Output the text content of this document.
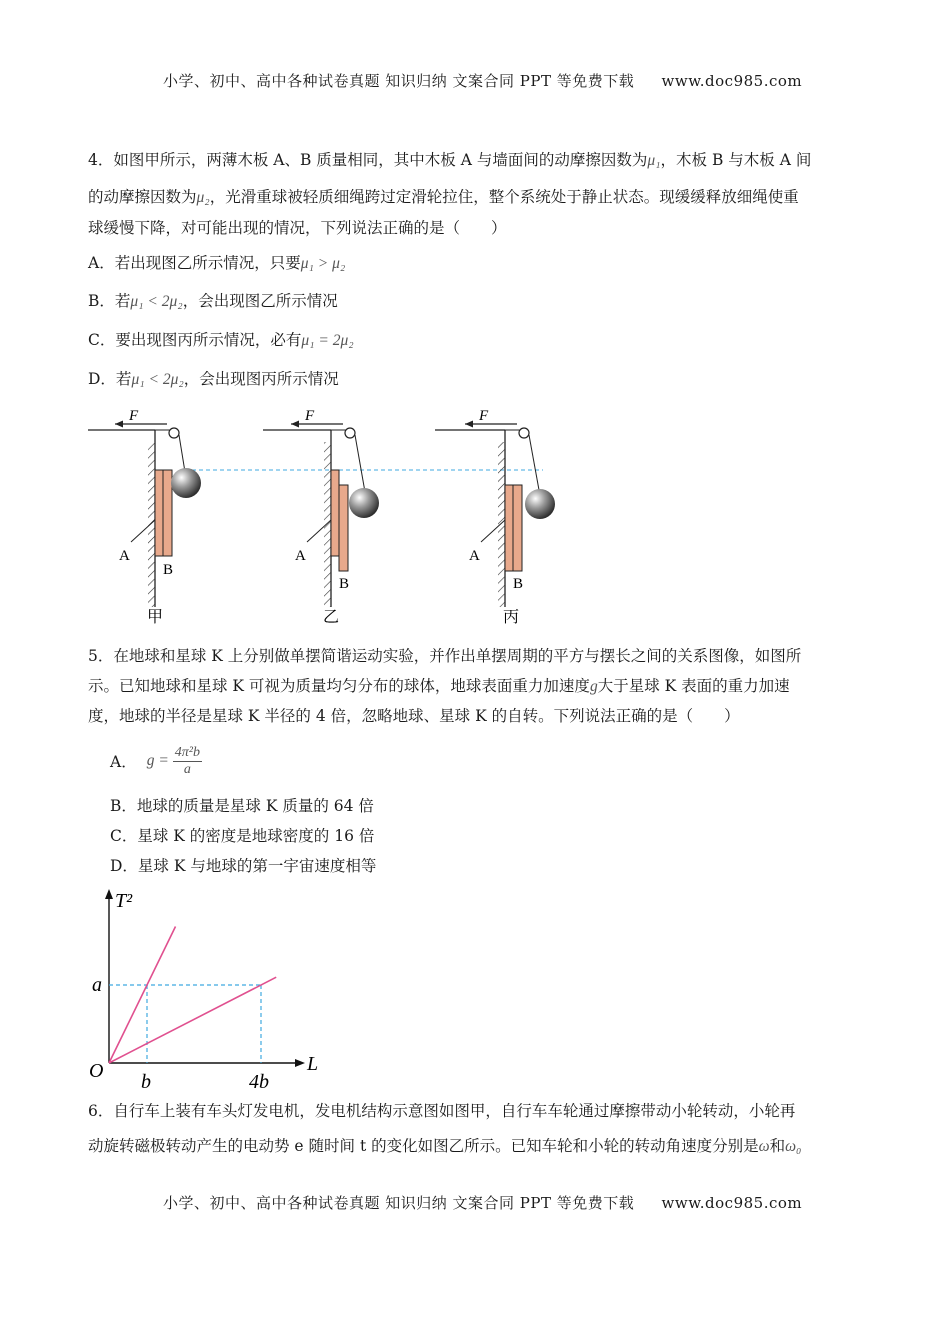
小学、初中、高中各种试卷真题 知识归纳 文案合同 PPT 等免费下载 www.doc985.com
4．如图甲所示，两薄木板 A、B 质量相同，其中木板 A 与墙面间的动摩擦因数为μ₁，木板 B 与木板 A 间
的动摩擦因数为μ₂，光滑重球被轻质细绳跨过定滑轮拉住，整个系统处于静止状态。现缓缓释放细绳使重
球缓慢下降，对可能出现的情况，下列说法正确的是（　　）
A．若出现图乙所示情况，只要μ₁ > μ₂
B．若μ₁ < 2μ₂，会出现图乙所示情况
C．要出现图丙所示情况，必有μ₁ = 2μ₂
D．若μ₁ < 2μ₂，会出现图丙所示情况
F
A
B
甲
F
A
B
乙
F
A
B
丙
5．在地球和星球 K 上分别做单摆简谐运动实验，并作出单摆周期的平方与摆长之间的关系图像，如图所
示。已知地球和星球 K 可视为质量均匀分布的球体，地球表面重力加速度g大于星球 K 表面的重力加速
度，地球的半径是星球 K 半径的 4 倍，忽略地球、星球 K 的自转。下列说法正确的是（　　）
A． g = 4π²b
a
B．地球的质量是星球 K 质量的 64 倍
C．星球 K 的密度是地球密度的 16 倍
D．星球 K 与地球的第一宇宙速度相等
b	4b
a
T²
L
O
6．自行车上装有车头灯发电机，发电机结构示意图如图甲，自行车车轮通过摩擦带动小轮转动，小轮再
动旋转磁极转动产生的电动势 e 随时间 t 的变化如图乙所示。已知车轮和小轮的转动角速度分别是ω和ω₀
小学、初中、高中各种试卷真题 知识归纳 文案合同 PPT 等免费下载 www.doc985.com
